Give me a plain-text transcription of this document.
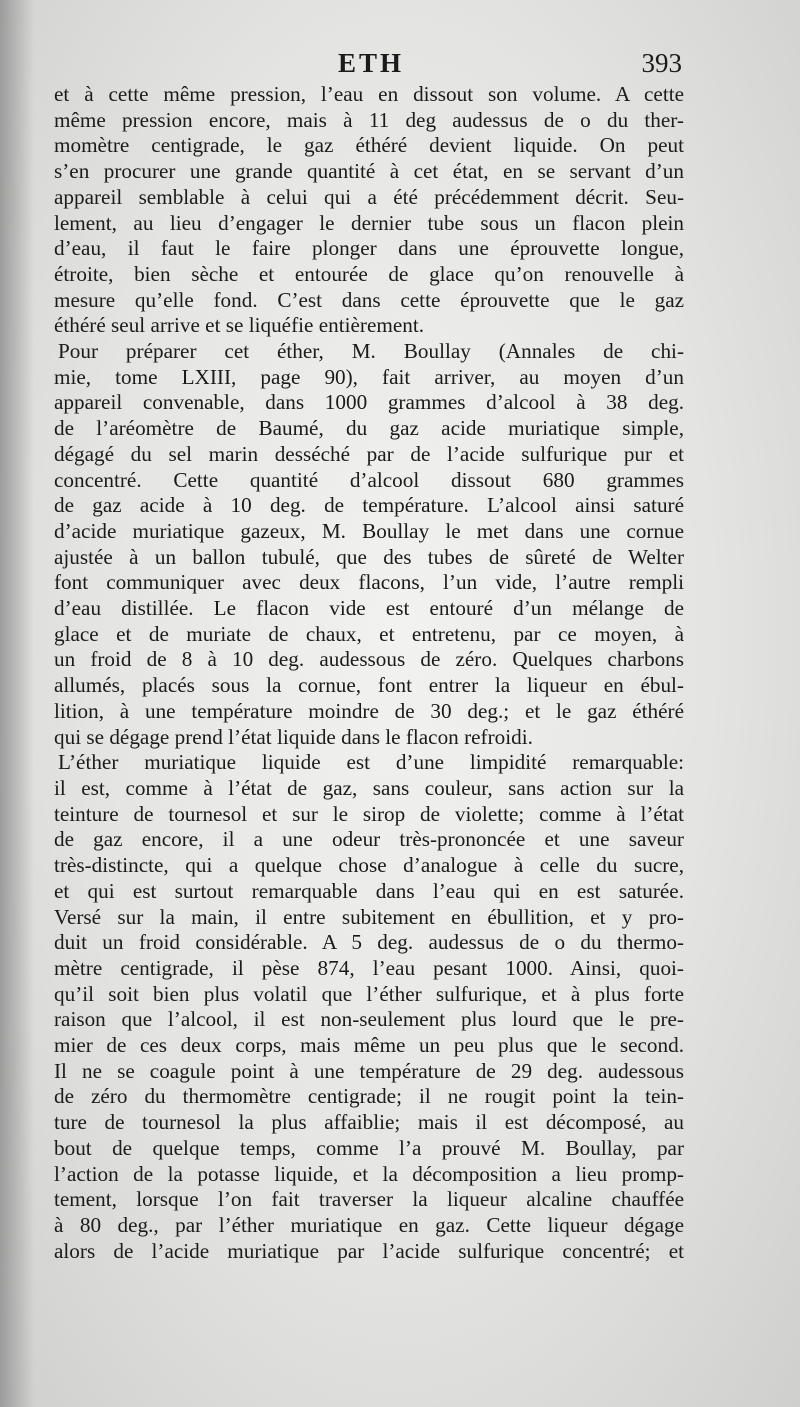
ETH	393
et à cette même pression, l’eau en dissout son volume. A cette
même pression encore, mais à 11 deg audessus de o du ther-
momètre centigrade, le gaz éthéré devient liquide. On peut
s’en procurer une grande quantité à cet état, en se servant d’un
appareil semblable à celui qui a été précédemment décrit. Seu-
lement, au lieu d’engager le dernier tube sous un flacon plein
d’eau, il faut le faire plonger dans une éprouvette longue,
étroite, bien sèche et entourée de glace qu’on renouvelle à
mesure qu’elle fond. C’est dans cette éprouvette que le gaz
éthéré seul arrive et se liquéfie entièrement.
Pour préparer cet éther, M. Boullay (Annales de chi-
mie, tome LXIII, page 90), fait arriver, au moyen d’un
appareil convenable, dans 1000 grammes d’alcool à 38 deg.
de l’aréomètre de Baumé, du gaz acide muriatique simple,
dégagé du sel marin desséché par de l’acide sulfurique pur et
concentré. Cette quantité d’alcool dissout 680 grammes
de gaz acide à 10 deg. de température. L’alcool ainsi saturé
d’acide muriatique gazeux, M. Boullay le met dans une cornue
ajustée à un ballon tubulé, que des tubes de sûreté de Welter
font communiquer avec deux flacons, l’un vide, l’autre rempli
d’eau distillée. Le flacon vide est entouré d’un mélange de
glace et de muriate de chaux, et entretenu, par ce moyen, à
un froid de 8 à 10 deg. audessous de zéro. Quelques charbons
allumés, placés sous la cornue, font entrer la liqueur en ébul-
lition, à une température moindre de 30 deg.; et le gaz éthéré
qui se dégage prend l’état liquide dans le flacon refroidi.
L’éther muriatique liquide est d’une limpidité remarquable:
il est, comme à l’état de gaz, sans couleur, sans action sur la
teinture de tournesol et sur le sirop de violette; comme à l’état
de gaz encore, il a une odeur très-prononcée et une saveur
très-distincte, qui a quelque chose d’analogue à celle du sucre,
et qui est surtout remarquable dans l’eau qui en est saturée.
Versé sur la main, il entre subitement en ébullition, et y pro-
duit un froid considérable. A 5 deg. audessus de o du thermo-
mètre centigrade, il pèse 874, l’eau pesant 1000. Ainsi, quoi-
qu’il soit bien plus volatil que l’éther sulfurique, et à plus forte
raison que l’alcool, il est non-seulement plus lourd que le pre-
mier de ces deux corps, mais même un peu plus que le second.
Il ne se coagule point à une température de 29 deg. audessous
de zéro du thermomètre centigrade; il ne rougit point la tein-
ture de tournesol la plus affaiblie; mais il est décomposé, au
bout de quelque temps, comme l’a prouvé M. Boullay, par
l’action de la potasse liquide, et la décomposition a lieu promp-
tement, lorsque l’on fait traverser la liqueur alcaline chauffée
à 80 deg., par l’éther muriatique en gaz. Cette liqueur dégage
alors de l’acide muriatique par l’acide sulfurique concentré; et
